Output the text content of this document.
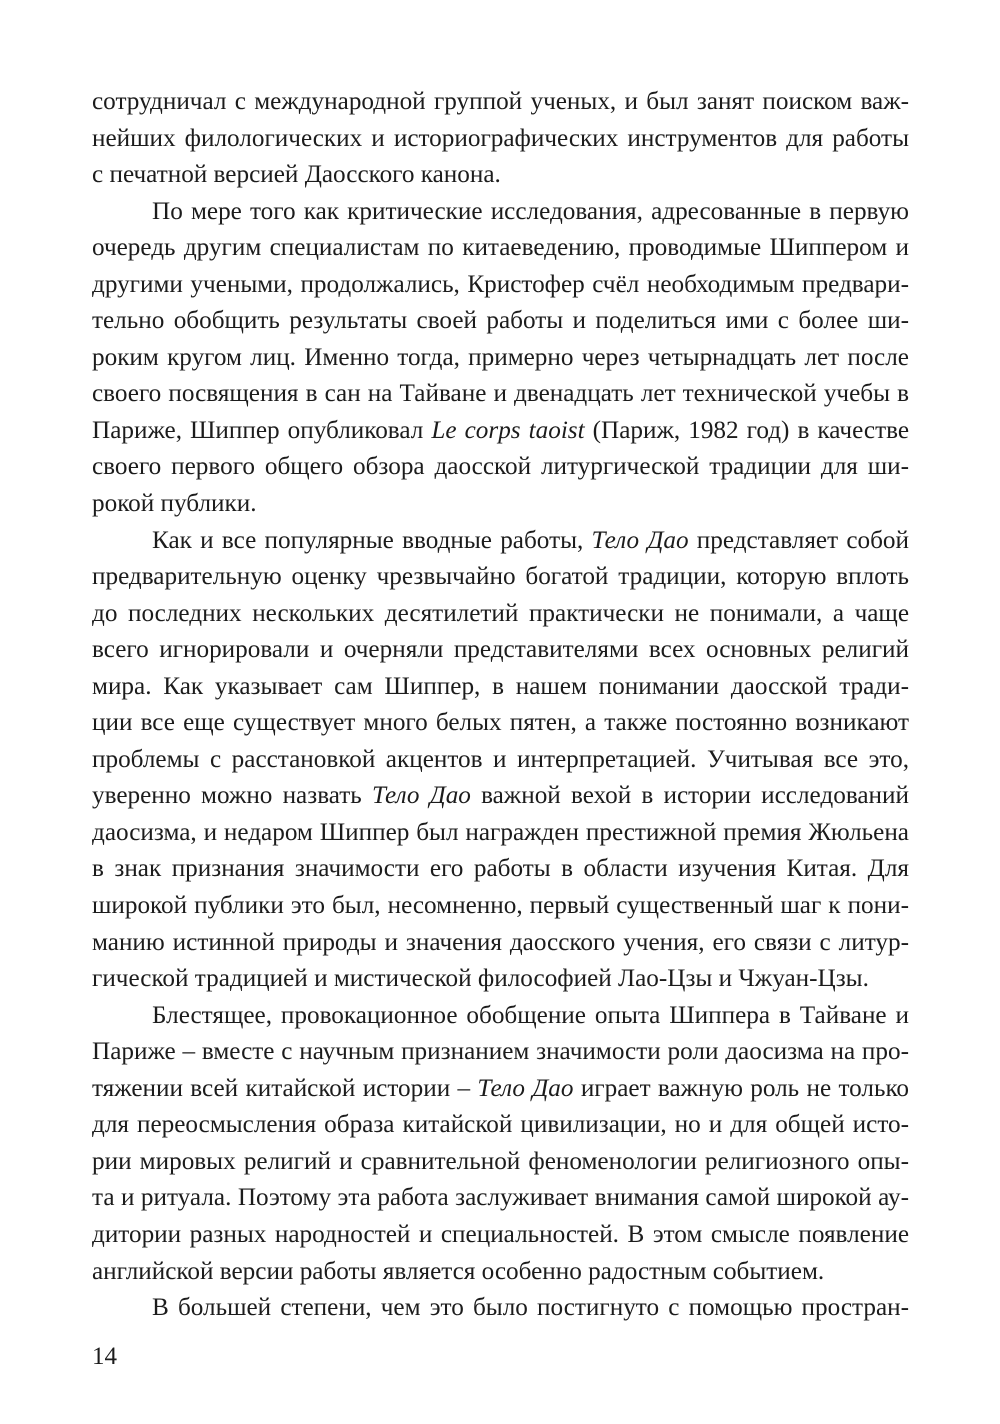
сотрудничал с международной группой ученых, и был занят поиском важ-
нейших филологических и историографических инструментов для работы
с печатной версией Даосского канона.
По мере того как критические исследования, адресованные в первую
очередь другим специалистам по китаеведению, проводимые Шиппером и
другими учеными, продолжались, Кристофер счёл необходимым предвари-
тельно обобщить результаты своей работы и поделиться ими с более ши-
роким кругом лиц. Именно тогда, примерно через четырнадцать лет после
своего посвящения в сан на Тайване и двенадцать лет технической учебы в
Париже, Шиппер опубликовал Le corps taoist (Париж, 1982 год) в качестве
своего первого общего обзора даосской литургической традиции для ши-
рокой публики.
Как и все популярные вводные работы, Тело Дао представляет собой
предварительную оценку чрезвычайно богатой традиции, которую вплоть
до последних нескольких десятилетий практически не понимали, а чаще
всего игнорировали и очерняли представителями всех основных религий
мира. Как указывает сам Шиппер, в нашем понимании даосской тради-
ции все еще существует много белых пятен, а также постоянно возникают
проблемы с расстановкой акцентов и интерпретацией. Учитывая все это,
уверенно можно назвать Тело Дао важной вехой в истории исследований
даосизма, и недаром Шиппер был награжден престижной премия Жюльена
в знак признания значимости его работы в области изучения Китая. Для
широкой публики это был, несомненно, первый существенный шаг к пони-
манию истинной природы и значения даосского учения, его связи с литур-
гической традицией и мистической философией Лао-Цзы и Чжуан-Цзы.
Блестящее, провокационное обобщение опыта Шиппера в Тайване и
Париже – вместе с научным признанием значимости роли даосизма на про-
тяжении всей китайской истории – Тело Дао играет важную роль не только
для переосмысления образа китайской цивилизации, но и для общей исто-
рии мировых религий и сравнительной феноменологии религиозного опы-
та и ритуала. Поэтому эта работа заслуживает внимания самой широкой ау-
дитории разных народностей и специальностей. В этом смысле появление
английской версии работы является особенно радостным событием.
В большей степени, чем это было постигнуто с помощью простран-
14
